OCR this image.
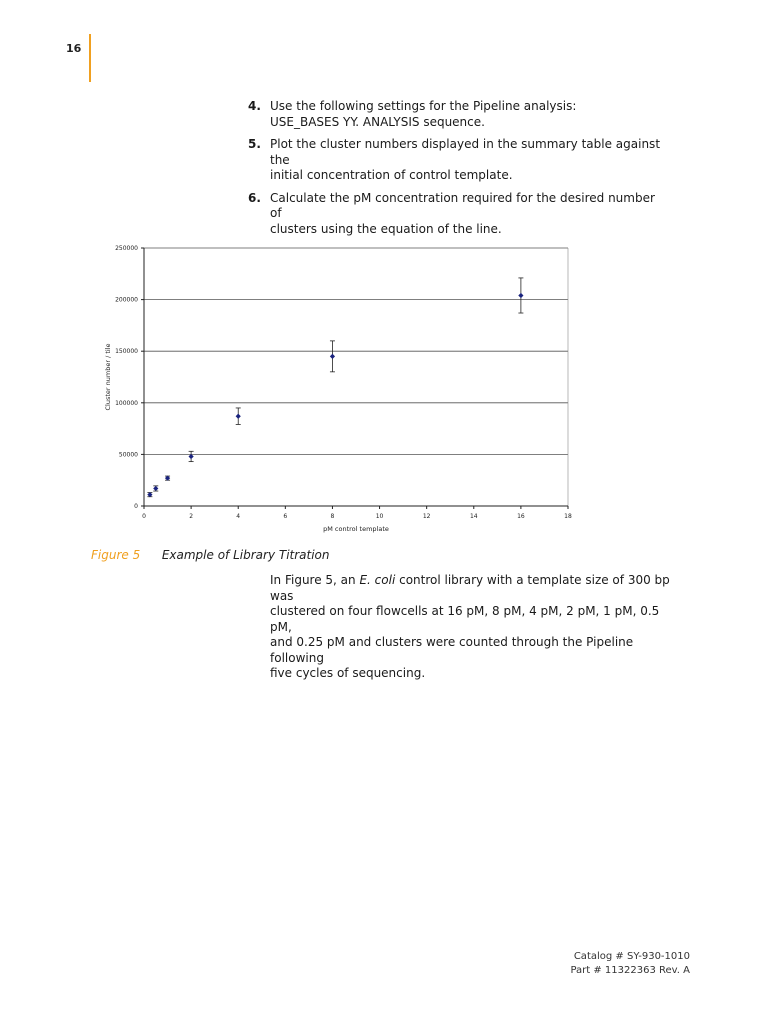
16
4. Use the following settings for the Pipeline analysis:
USE_BASES YY. ANALYSIS sequence.
5. Plot the cluster numbers displayed in the summary table against the
initial concentration of control template.
6. Calculate the pM concentration required for the desired number of
clusters using the equation of the line.
0
50000
100000
150000
200000
250000
0	2	4	6	8	10	12	14	16	18
pM control template
Cluster number / tile
Figure 5 Example of Library Titration
In Figure 5, an E. coli control library with a template size of 300 bp was
clustered on four flowcells at 16 pM, 8 pM, 4 pM, 2 pM, 1 pM, 0.5 pM,
and 0.25 pM and clusters were counted through the Pipeline following
five cycles of sequencing.
Catalog # SY-930-1010
Part # 11322363 Rev. A
